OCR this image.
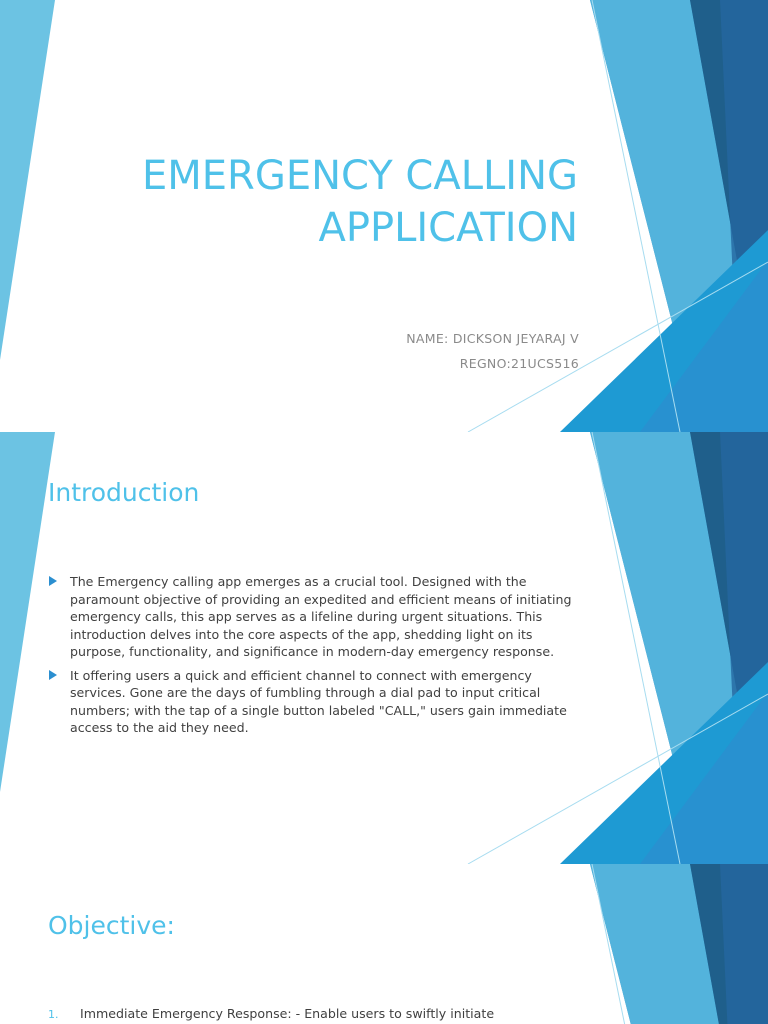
EMERGENCY CALLING
APPLICATION
NAME: DICKSON JEYARAJ V
REGNO:21UCS516
Introduction
The Emergency calling app emerges as a crucial tool. Designed with the paramount objective of providing an expedited and efficient means of initiating emergency calls, this app serves as a lifeline during urgent situations. This introduction delves into the core aspects of the app, shedding light on its purpose, functionality, and significance in modern-day emergency response.
It offering users a quick and efficient channel to connect with emergency services. Gone are the days of fumbling through a dial pad to input critical numbers; with the tap of a single button labeled "CALL," users gain immediate access to the aid they need.
Objective:
1. Immediate Emergency Response: - Enable users to swiftly initiate
